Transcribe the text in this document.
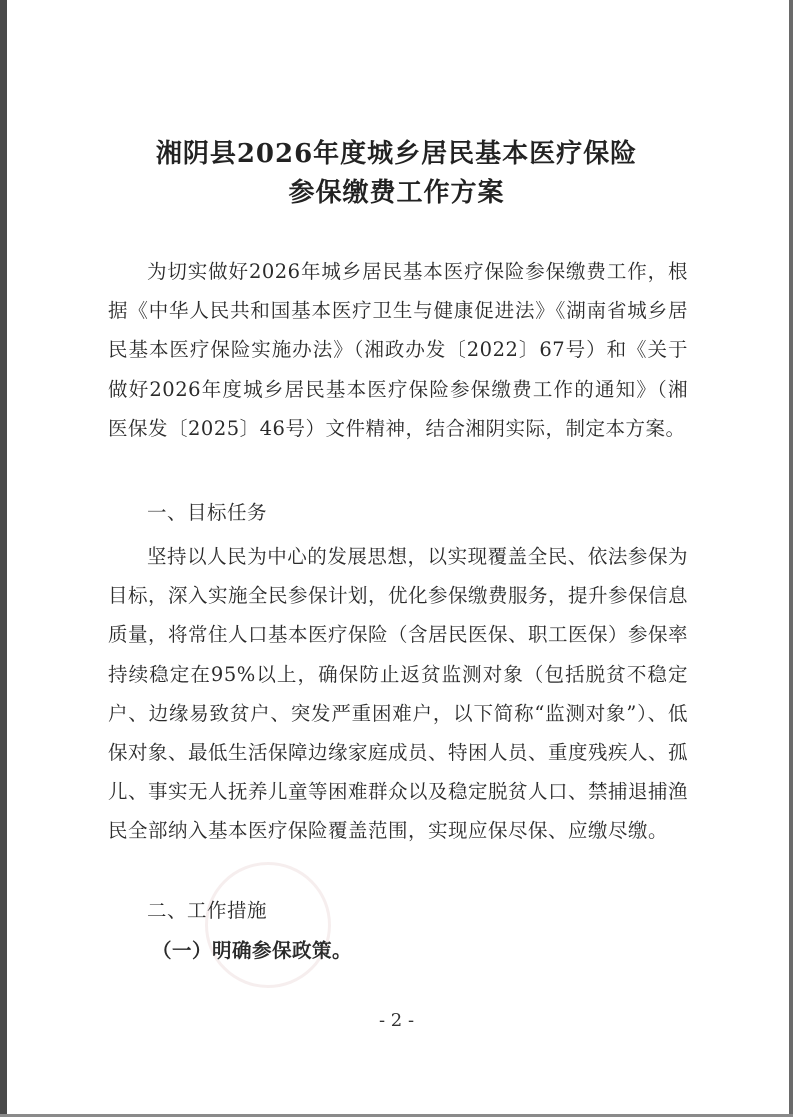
湘阴县2026年度城乡居民基本医疗保险
参保缴费工作方案

为切实做好2026年城乡居民基本医疗保险参保缴费工作，根据《中华人民共和国基本医疗卫生与健康促进法》《湖南省城乡居民基本医疗保险实施办法》（湘政办发〔2022〕67号）和《关于做好2026年度城乡居民基本医疗保险参保缴费工作的通知》（湘医保发〔2025〕46号）文件精神，结合湘阴实际，制定本方案。

一、目标任务

坚持以人民为中心的发展思想，以实现覆盖全民、依法参保为目标，深入实施全民参保计划，优化参保缴费服务，提升参保信息质量，将常住人口基本医疗保险（含居民医保、职工医保）参保率持续稳定在95%以上，确保防止返贫监测对象（包括脱贫不稳定户、边缘易致贫户、突发严重困难户，以下简称“监测对象”）、低保对象、最低生活保障边缘家庭成员、特困人员、重度残疾人、孤儿、事实无人抚养儿童等困难群众以及稳定脱贫人口、禁捕退捕渔民全部纳入基本医疗保险覆盖范围，实现应保尽保、应缴尽缴。

二、工作措施
（一）明确参保政策。

- 2 -
